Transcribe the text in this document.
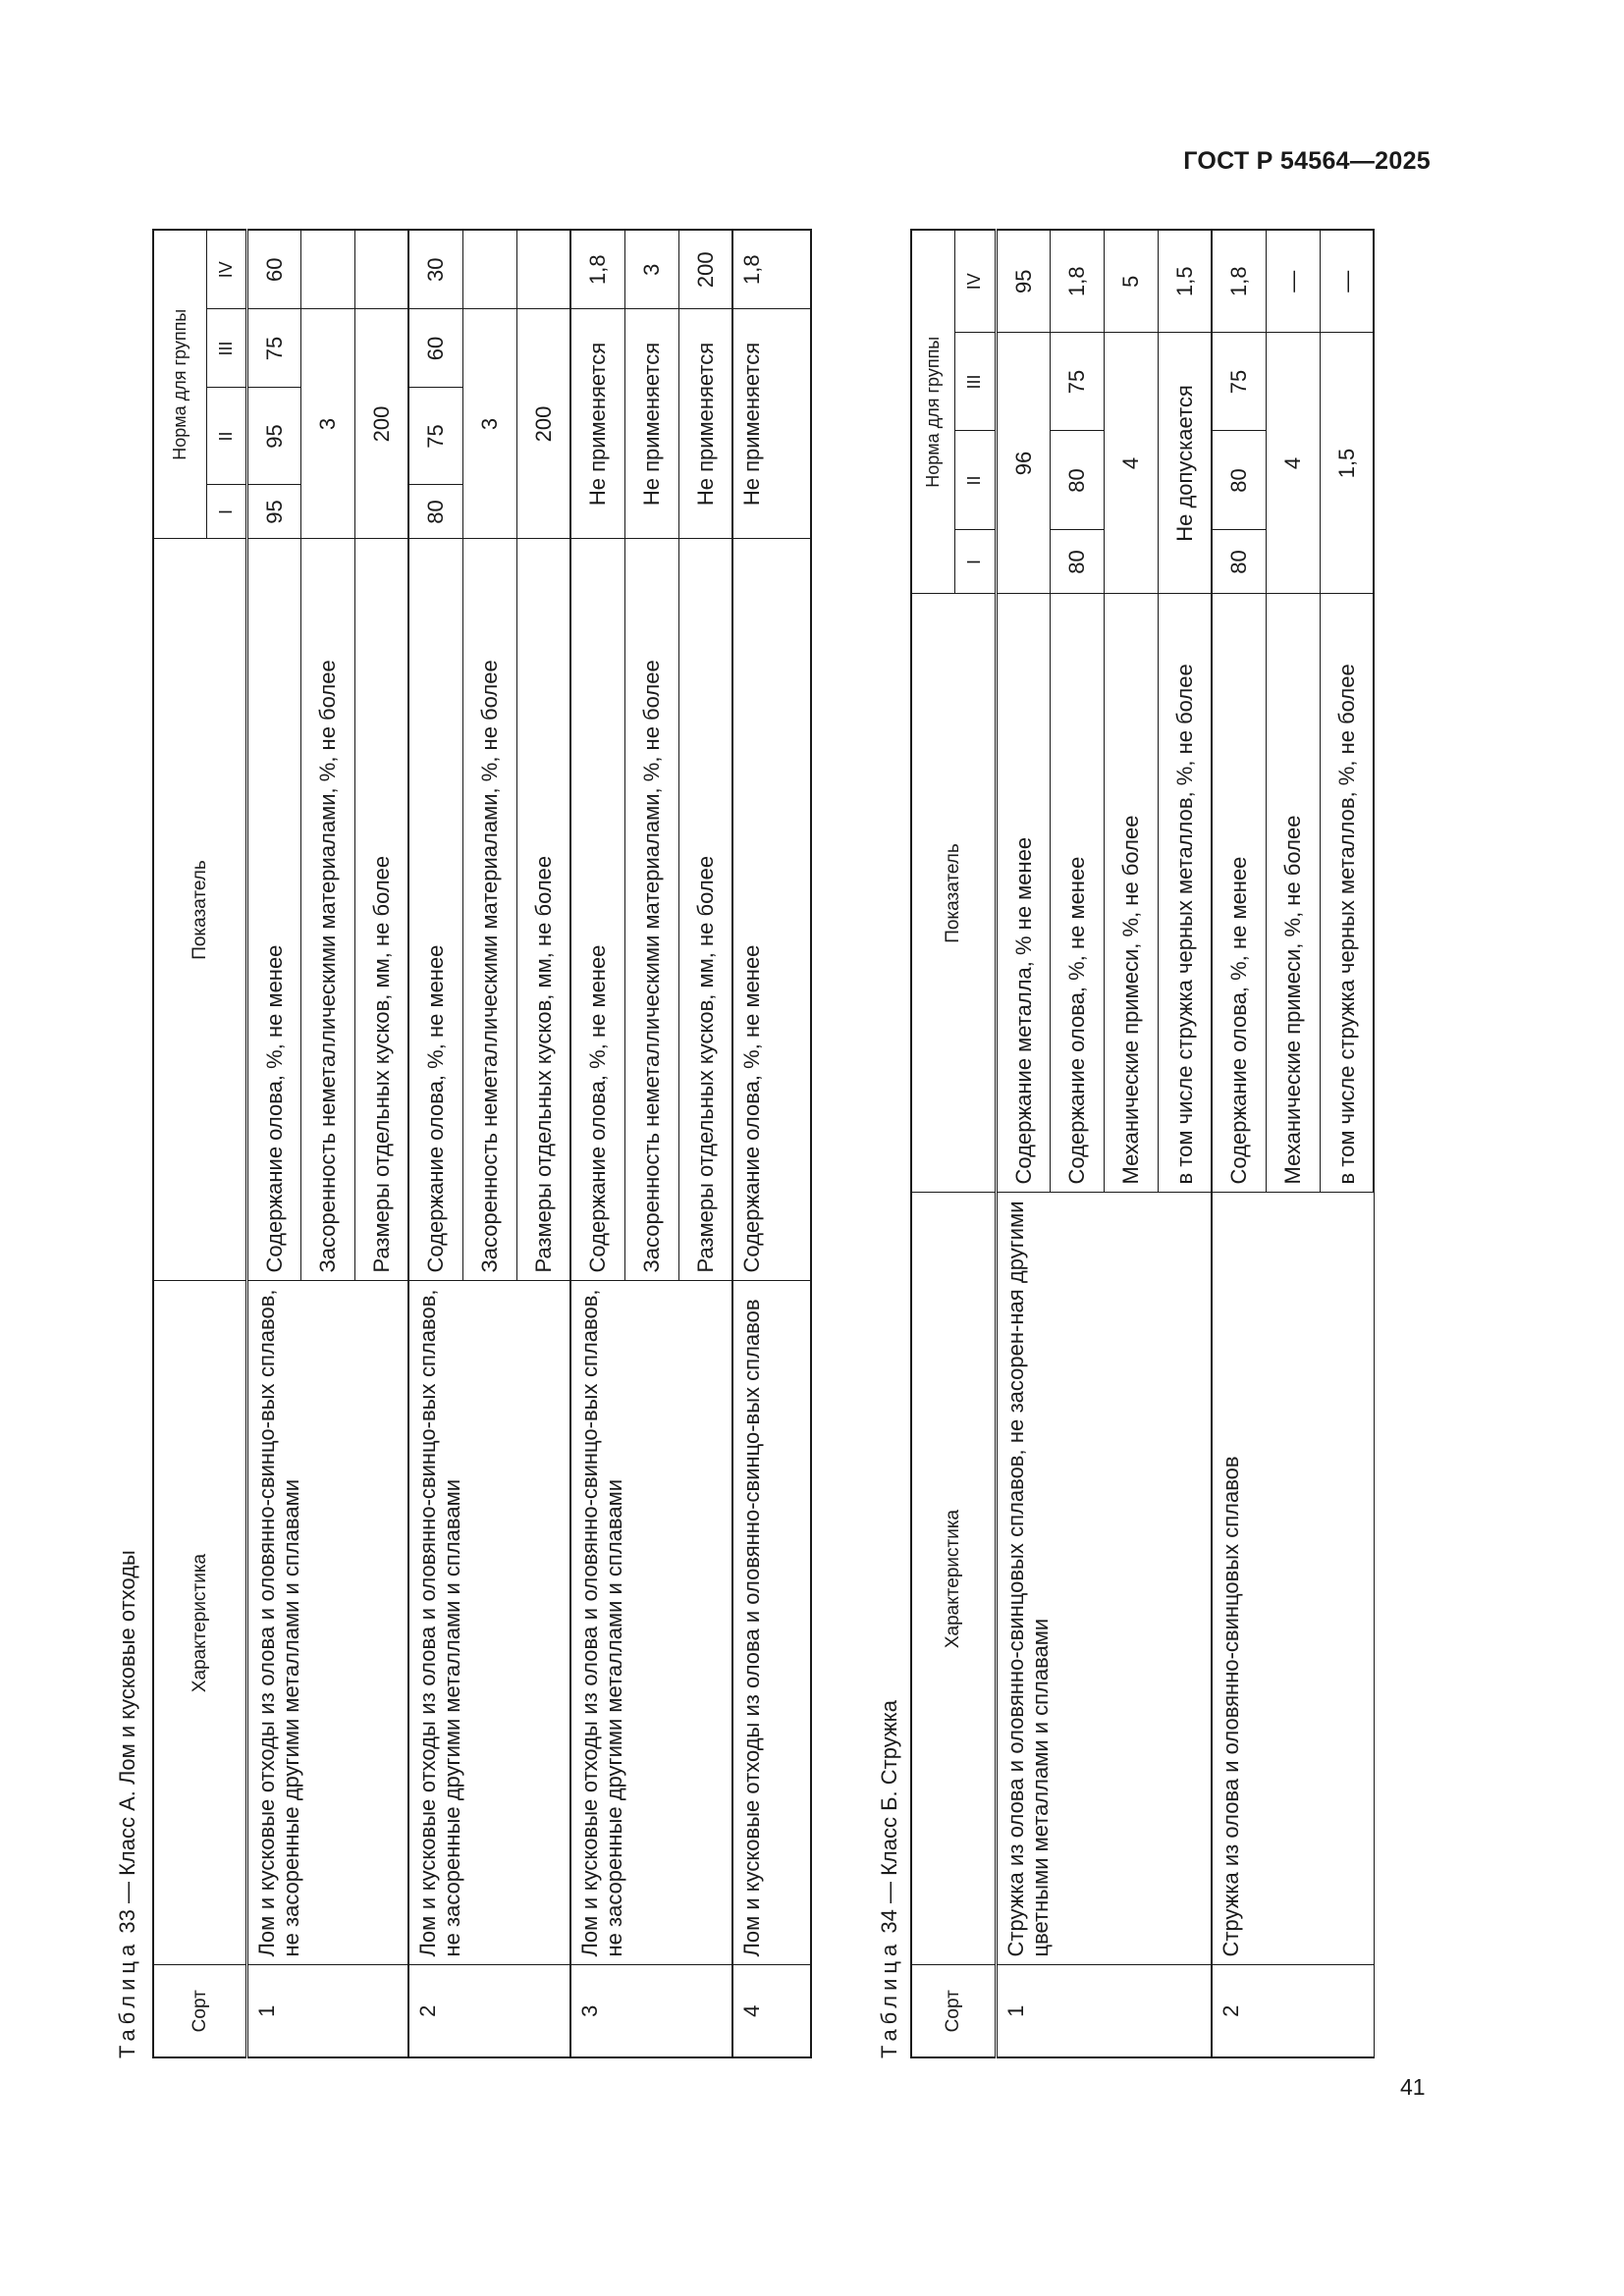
ГОСТ Р 54564—2025
Таблица 33 — Класс А. Лом и кусковые отходы
Сорт	Характеристика	Показатель	Норма для группы			
			I	II	III	IV
1	Лом и кусковые отходы из олова и оловянно-свинцо-вых сплавов, не засоренные другими металлами и сплавами	Содержание олова, %, не менее	95	95	75	60
		Засоренность неметаллическими материалами, %, не более	3			
		Размеры отдельных кусков, мм, не более	200			
2	Лом и кусковые отходы из олова и оловянно-свинцо-вых сплавов, не засоренные другими металлами и сплавами	Содержание олова, %, не менее	80	75	60	30
		Засоренность неметаллическими материалами, %, не более	3			
		Размеры отдельных кусков, мм, не более	200			
3	Лом и кусковые отходы из олова и оловянно-свинцо-вых сплавов, не засоренные другими металлами и сплавами	Содержание олова, %, не менее	Не применяется			1,8
		Засоренность неметаллическими материалами, %, не более	Не применяется			3
		Размеры отдельных кусков, мм, не более	Не применяется			200
4	Лом и кусковые отходы из олова и оловянно-свинцо-вых сплавов	Содержание олова, %, не менее	Не применяется			1,8
Таблица 34 — Класс Б. Стружка
Сорт	Характеристика	Показатель	Норма для группы			
			I	II	III	IV
1	Стружка из олова и оловянно-свинцовых сплавов, не засорен-ная другими цветными металлами и сплавами	Содержание металла, % не менее	96			95
		Содержание олова, %, не менее	80	80	75	1,8
		Механические примеси, %, не более	4			5
		в том числе стружка черных металлов, %, не более	Не допускается			1,5
2	Стружка из олова и оловянно-свинцовых сплавов	Содержание олова, %, не менее	80	80	75	1,8
		Механические примеси, %, не более	4			—
		в том числе стружка черных металлов, %, не более	1,5			—
41
